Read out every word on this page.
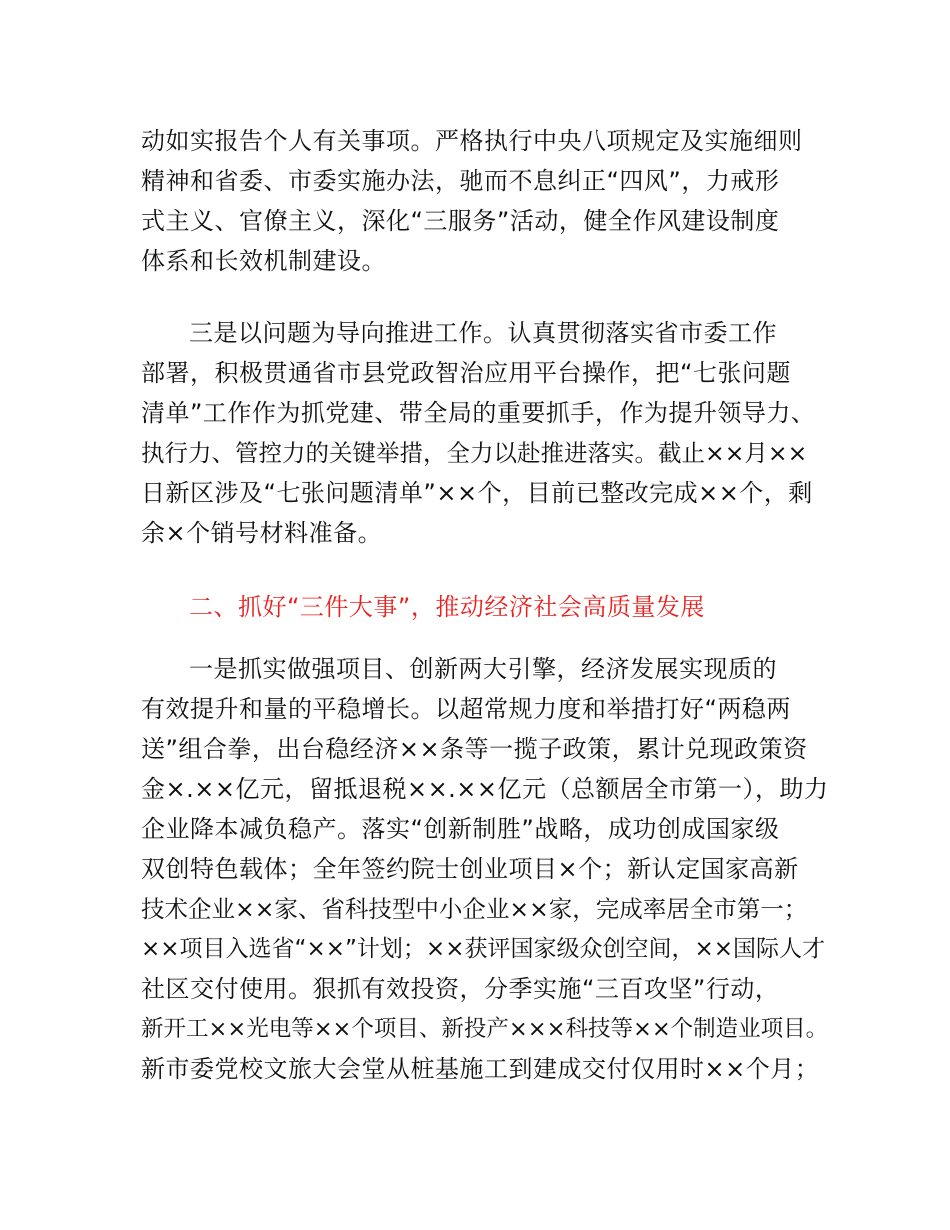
动如实报告个人有关事项。严格执行中央八项规定及实施细则
精神和省委、市委实施办法，驰而不息纠正“四风”，力戒形
式主义、官僚主义，深化“三服务”活动，健全作风建设制度
体系和长效机制建设。
三是以问题为导向推进工作。认真贯彻落实省市委工作
部署，积极贯通省市县党政智治应用平台操作，把“七张问题
清单”工作作为抓党建、带全局的重要抓手，作为提升领导力、
执行力、管控力的关键举措，全力以赴推进落实。截止××月××
日新区涉及“七张问题清单”××个，目前已整改完成××个，剩
余×个销号材料准备。
二、抓好“三件大事”，推动经济社会高质量发展
一是抓实做强项目、创新两大引擎，经济发展实现质的
有效提升和量的平稳增长。以超常规力度和举措打好“两稳两
送”组合拳，出台稳经济××条等一揽子政策，累计兑现政策资
金×.××亿元，留抵退税××.××亿元（总额居全市第一），助力
企业降本减负稳产。落实“创新制胜”战略，成功创成国家级
双创特色载体；全年签约院士创业项目×个；新认定国家高新
技术企业××家、省科技型中小企业××家，完成率居全市第一；
××项目入选省“××”计划；××获评国家级众创空间，××国际人才
社区交付使用。狠抓有效投资，分季实施“三百攻坚”行动，
新开工××光电等××个项目、新投产×××科技等××个制造业项目。
新市委党校文旅大会堂从桩基施工到建成交付仅用时××个月；
